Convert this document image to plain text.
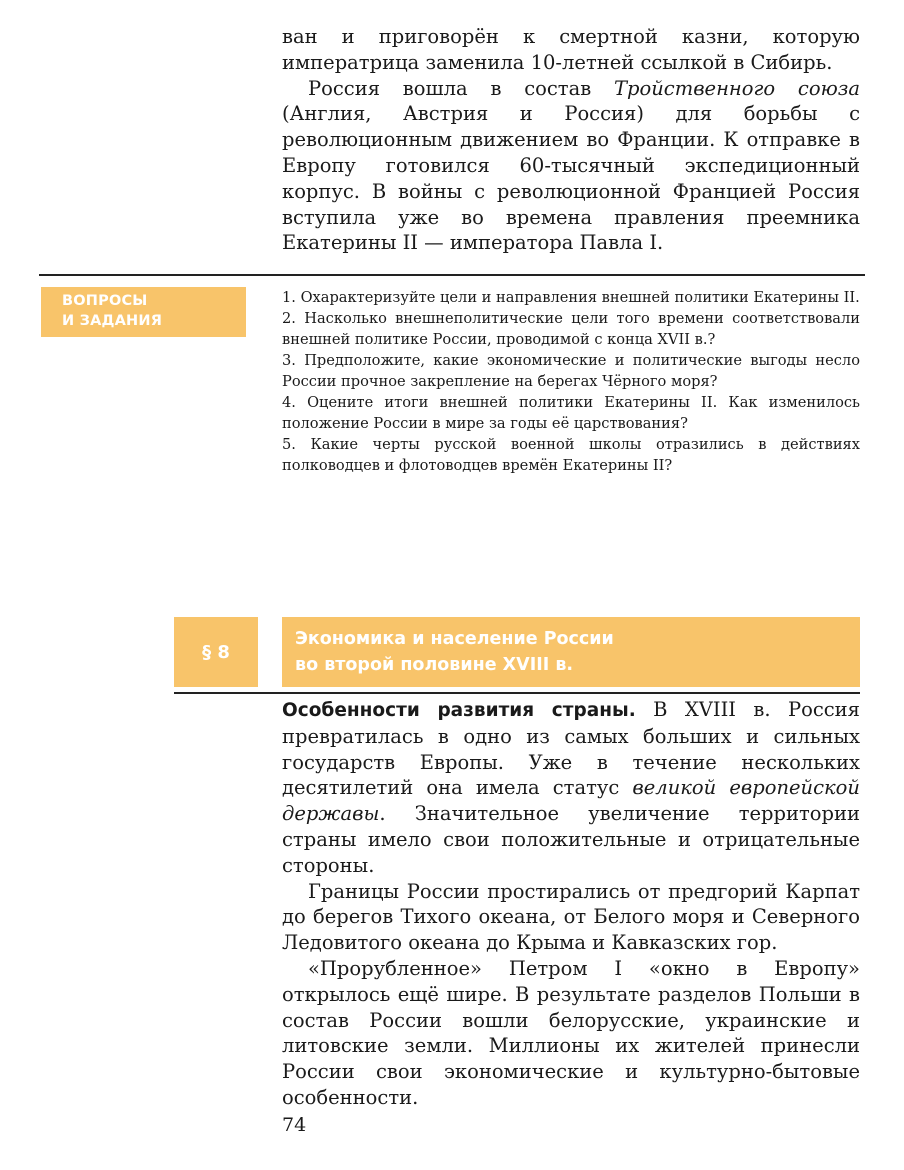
ван и приговорён к смертной казни, которую императрица заменила 10-летней ссылкой в Сибирь.

Россия вошла в состав Тройственного союза (Англия, Австрия и Россия) для борьбы с революционным движением во Франции. К отправке в Европу готовился 60-тысячный экспедиционный корпус. В войны с революционной Францией Россия вступила уже во времена правления преемника Екатерины II — императора Павла I.

ВОПРОСЫ
И ЗАДАНИЯ

1. Охарактеризуйте цели и направления внешней политики Екатерины II.

2. Насколько внешнеполитические цели того времени соответствовали внешней политике России, проводимой с конца XVII в.?

3. Предположите, какие экономические и политические выгоды несло России прочное закрепление на берегах Чёрного моря?

4. Оцените итоги внешней политики Екатерины II. Как изменилось положение России в мире за годы её царствования?

5. Какие черты русской военной школы отразились в действиях полководцев и флотоводцев времён Екатерины II?

§ 8
Экономика и население России
во второй половине XVIII в.

Особенности развития страны. В XVIII в. Россия превратилась в одно из самых больших и сильных государств Европы. Уже в течение нескольких десятилетий она имела статус великой европейской державы. Значительное увеличение территории страны имело свои положительные и отрицательные стороны.

Границы России простирались от предгорий Карпат до берегов Тихого океана, от Белого моря и Северного Ледовитого океана до Крыма и Кавказских гор.

«Прорубленное» Петром I «окно в Европу» открылось ещё шире. В результате разделов Польши в состав России вошли белорусские, украинские и литовские земли. Миллионы их жителей принесли России свои экономические и культурно-бытовые особенности.

74
